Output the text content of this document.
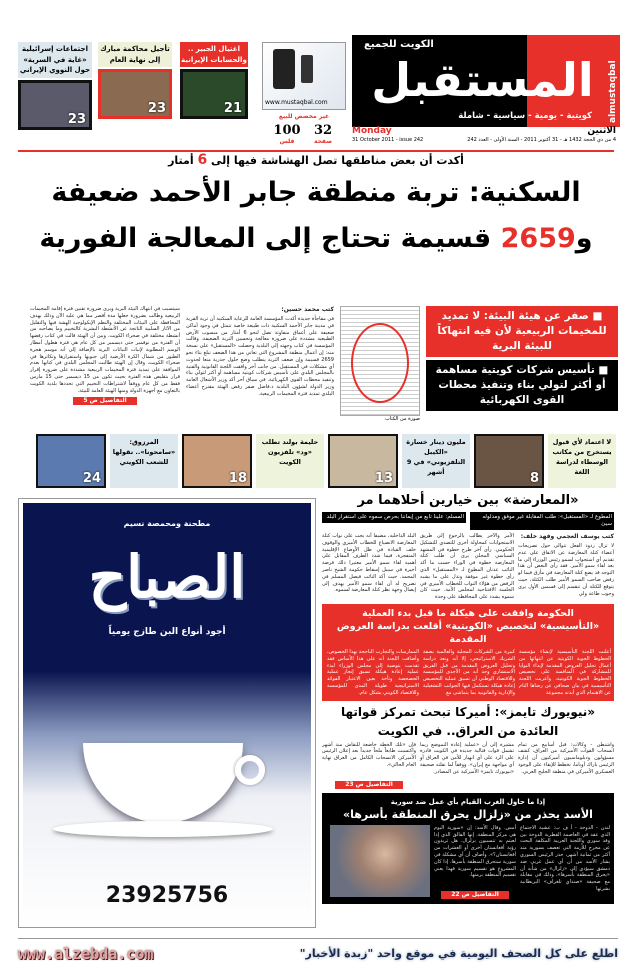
الكويت للجميع
المستقبل
كويتية - يومية - سياسية - شاملة almustaqbal
الاثنين
Monday
4 من ذي الحجة 1432 هـ - 31 أكتوبر 2011 - السنة الأولى - العدد 242
31 October 2011 - issue 242
www.mustaqbal.com
غير مخصص للبيع
100
فلس
32
صفحة
اغتيال الجبير .. والحسابات الإيرانية
21
تأجيل محاكمة مبارك إلى نهاية العام
23
اجتماعات إسرائيلية «غاية في السرية» حول النووي الإيراني
23
أكدت أن بعض مناطقها تصل الهشاشة فيها إلى 6 أمتار
السكنية: تربة منطقة جابر الأحمد ضعيفة
و2659 قسيمة تحتاج إلى المعالجة الفورية
■ صفر عن هيئة البيئة: لا تمديد للمخيمات الربيعية لأن فيه انتهاكاً للبيئة البرية
■ تأسيس شركات كويتية مساهمة أو أكثر لتولي بناء وتنفيذ محطات القوى الكهربائية
صورة من الكتاب
كتب محمد حسين:
في مفاجأة جديدة أكدت المؤسسة العامة للرعاية السكنية أن تربة القرية في مدينة جابر الأحمد السكنية ذات طبيعة خاصة تتمثل في وجود أماكن ضعيفة على أعماق متفاوتة تصل لنحو 6 أمتار من منسوب الأرض الطبيعية مشددة على ضرورة معالجة وتحسين التربة الضعيفة. وقالت المؤسسة في كتاب وجهته إلى البلدية وحصلت «المستقبل» على نسخة منه: إن أعمال منطقة المشروع التي تعاني من هذا الضعف تبلغ بناء نحو 2659 قسيمة وإن ضعف التربة يتطلب وضع حلول جذرية منعا لحدوث أي مشكلات في المستقبل. من جانب آخر وافقت اللجنة القانونية والفنية بالمجلس البلدي على تأسيس شركات كويتية مساهمة أو أكثر لتولي بناء وتنفيذ محطات القوى الكهربائية. في سياق آخر أكد وزير الأشغال العامة وزير الدولة لشؤون البلدية د.فاضل صفر رفض الهيئة مقترح أعضاء البلدي تمديد فترة المخيمات الربيعية.
سيتسبب في انتهاك البيئة البرية ويرى ضرورة تقنين فترة إقامة المخيمات الربيعية وطالب بضرورة جعلها مدة أقصر مما هي عليه الآن وذلك بهدف المحافظة على البيئات المختلفة والنظم الإيكولوجية الهشة فيها والتقليل من الآثار السلبية الناتجة عن الأنشطة البشرية كالتخييم وما يصاحبه من أنشطة مختلفة في صحراء الكويت. وبين أن الهيئة قالت في كتاب رفضها أن الفترة من نوفمبر حتى ديسمبر من كل عام هي فترة هطول أمطار الوسم المطلوبة لإنبات النباتات البرية بالإضافة إلى أنه موسم هجرة الطيور من شمال الكرة الأرضية إلى جنوبها واستقرارها وتكاثرها في صحراء الكويت، وقال إن الهيئة طالبت المجلس البلدي في كتابها بعدم الموافقة على تمديد فترة المخيمات الربيعية مشددة على ضرورة إقرار قرار بتقليص هذه الفترة بحيث تكون من 15 ديسمبر حتى 15 مارس فقط من كل عام ووفقاً لاشتراطات التخييم التي تحددها بلدية الكويت بالتعاون مع أجهزة الدولة ومنها الهيئة العامة للبيئة.
التفاصيل ص 5
لا اعتماد لأي قبول يستخرج من مكاتب الوسطاء لدراسة اللغة
8
مليون دينار خسارة «الكيبل التلفزيوني» في 9 أشهر
13
حليمة بولند تطلب «ود» تلفزيون الكويت
18
المرزوق: «سامحونا».. نقولها للشعب الكويتي
24
مطحنة ومحمصة نسيم
الصباح
أجود أنواع البن طازج يومياً
23925756
«المعارضة» بين خيارين أحلاهما مر
المطوع لـ «المستقبل»: طلب المقابلة غير موفق ومدلوله سيئ
المسلم: علينا تابع من إيماننا بحرص سموه على استقرار البلد
كتب يوسف العجمي وفهد خلف:
لا تزال ردود الفعل تتوالى حول تصريحات أعضاء كتلة المعارضة عن الاتفاق على عدم تقديم أي استجواب لسمو رئيس الوزراء إلى ما بعد لقاء سمو الأمير. فقد رأى البعض أن هذا التوجه قد يضع كتلة المعارضة في مأزق فيما لو رفض صاحب السمو الأمير طلب الكتلة، حيث يتوقع للكتلة أن تنقسم إلى قسمين الأول يرى وجوب طاعة ولي
الأمر والآخر يطالب بالرجوع إلى طريق الاستجوابات كمحاولة أخرى للتصدي للتشكيل الحكومي. رأى آخر طرح خطوة في المشهد السياسي المحلي يرى أن طلب كتلة المعارضة خطوة في الوراء حسب ما أكد النائب عدنان المطوع لـ «المستقبل» الذي رأى خطوة غير موفقة وتدل على ما يشبه الرفض من هؤلاء النواب للخطاب الأميري في الجلسة الافتتاحية لمجلس الأمة. حيث كان سموه يشدد على المحافظة على وحدة
البلد الداخلية، مضيفا أنه يجب على نواب كتلة المعارضة الانصياع للخطاب الأميري والوقوف خلف القيادة في ظل الأوضاع الإقليمية المتفجرة، فيما شدد الطرف المقابل على أهمية لقاء سمو الأمير معتبرا ذلك فرصة أخيرة في سبيل إسقاط حكومة الشيخ ناصر المحمد. حيث أكد النائب فيصل المسلم في تصريح له أن لقاء سمو الأمير يهدف إلى إيصال وجهة نظر كتلة المعارضة لسموه.
الحكومة وافقت على هيكلة ما قبل بدء العملية
«التأسيسية» لتخصيص «الكويتية» أقلعت بدراسة العروض المقدمة
أعلنت اللجنة التأسيسية لإنشاء مؤسسة الخطوط الجوية الكويتية عن انتهائها من أعمال تحليل العروض المقدمة لإبداء النوايا للمشاركة في المنافسة على تخصيص الخطوط الجوية الكويتية، وأعربت اللجنة التأسيسية في بيان صحافي عن رضاها التام عن الاهتمام الذي أبدته مجموعة
كبيرة من الشركات المحلية والعالمية بصفة الشريك الاستراتيجي، إلا أنه وبعد دراسة وتحليل العروض المقدمة من قبل الفريق الاستشاري وجد أنه من الأجدى للمؤسسة وللاقتصاد الوطني أن تسبق عملية التخصيص إعادة هيكلة تستكمل فيها الجوانب التشغيلية والإدارية والقانونية بما يتماشى مع
الممارسات والتجارب الناجحة بهذا الخصوص، وأضافت اللجنة أنه على هذا الأساس فقد تقدمت بتوصية إلى مجلس الوزراء لبدء عملية إعادة هيكلة تسبق إنجاز عملية الخصخصة وتأخذ بعين الاعتبار الفوائد الاستراتيجية طويلة المدى للمؤسسة وللاقتصاد الكويتي بشكل عام.
«نيويورك تايمز»: أميركا تبحث تمركز قواتها
العائدة من العراق.. في الكويت
واشنطن - وكالات: قبل أسابيع من تمام انسحاب القوات الأميركية من العراق، كشف مسؤولون ودبلوماسيون أميركيون أن إدارة الرئيس باراك أوباما، تخطط للإبقاء على الوجود العسكري الأميركي في منطقة الخليج العربي.
مشيرة إلى أن «عملية إعادة التموضع ربما تشمل قوات قتالية جديدة في الكويت قادرة على الرد على أي انهيار للأمن في العراق أو أي مواجهة مع إيران». ووفقاً لما نقلته صحيفة «نيويورك تايمز» الأميركية عن المصادر.
فإن «تلك الخطة خاضعة للنقاش منذ أشهر واكتسبت طابعاً ملحاً جديداً بعد إعلان الرئيس الأميركي الانسحاب الكامل من العراق نهاية العام الحالي».
التفاصيل ص 23
إذا ما حاول الغرب القيام بأي عمل ضد سورية
الأسد يحذر من «زلزال يحرق المنطقة بأسرها»
لندن - الدوحة - أ ف ب: عشية الاجتماع الذي عقد في العاصمة القطرية الدوحة بين وفد سوري واللجنة العربية المكلفة البحث عن مخرج للأزمة التي تعصف بسورية منذ أكثر من ثمانية أشهر، حذر الرئيس السوري بشار الأسد من أن أي عمل غربي ضد دمشق سيؤدي إلى «زلزال» من شأنه أن «يحرق المنطقة بأسرها»، وذلك في مقابلة مع صحيفة «صنداي تلغراف» البريطانية نشرتها
أمس. وقال الأسد: إن «سورية اليوم هي مركز المنطقة. إنها الفالق الذي إذا لعبتم به تتسببون بزلزال. هل تريدون رؤية أفغانستان أخرى أو العشرات من أفغانستان؟». وأضاف أن أي مشكلة في سورية ستحرق المنطقة بأسرها. إذا كان المشروع هو تقسيم سورية فهذا يعني تقسيم المنطقة برمتها.
التفاصيل ص 22
اطلع على كل الصحف اليومية في موقع واحد "زبدة الأخبار"
www.alzebda.com
